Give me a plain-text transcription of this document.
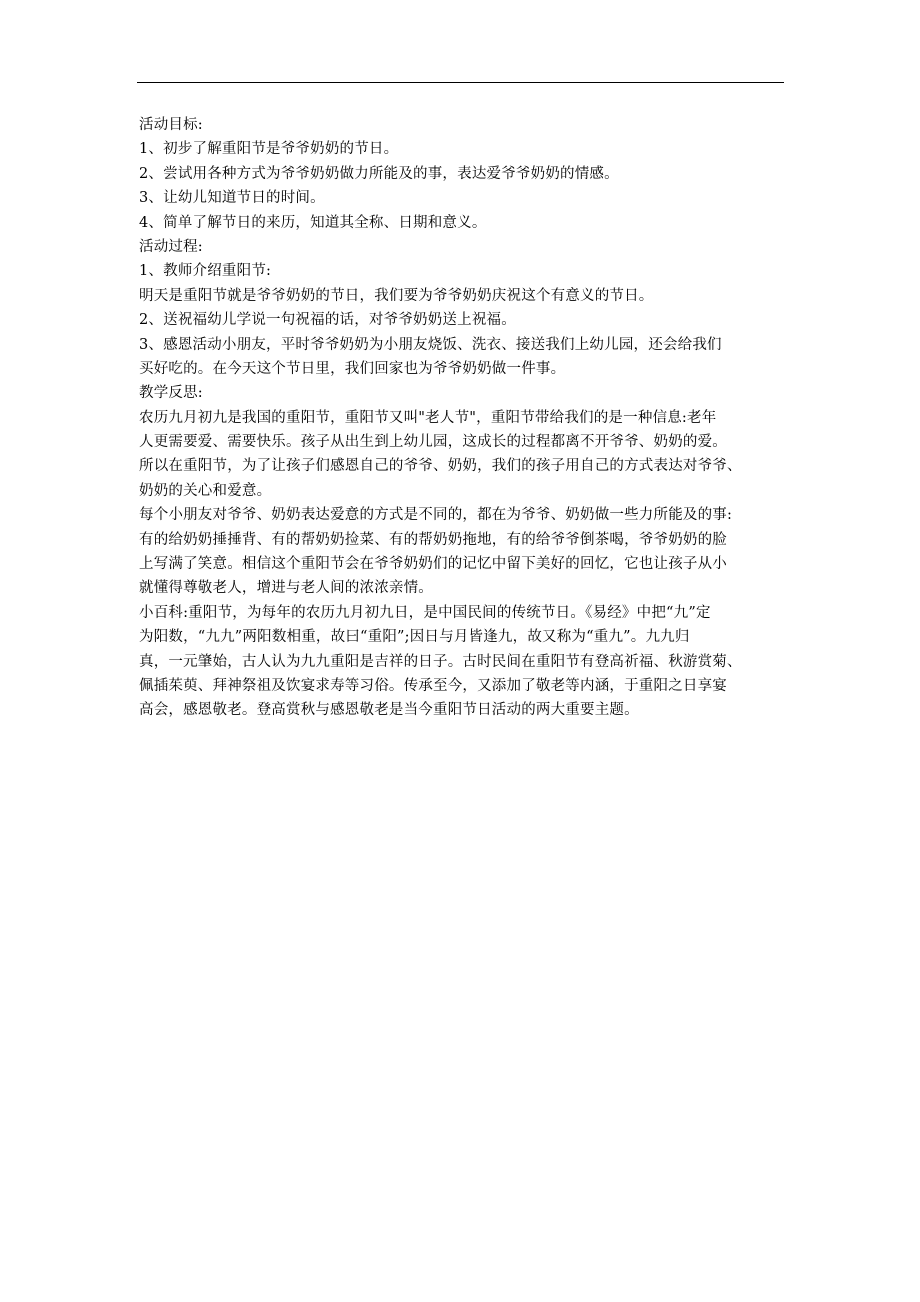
活动目标:
1、初步了解重阳节是爷爷奶奶的节日。
2、尝试用各种方式为爷爷奶奶做力所能及的事，表达爱爷爷奶奶的情感。
3、让幼儿知道节日的时间。
4、简单了解节日的来历，知道其全称、日期和意义。
活动过程:
1、教师介绍重阳节:
明天是重阳节就是爷爷奶奶的节日，我们要为爷爷奶奶庆祝这个有意义的节日。
2、送祝福幼儿学说一句祝福的话，对爷爷奶奶送上祝福。
3、感恩活动小朋友，平时爷爷奶奶为小朋友烧饭、洗衣、接送我们上幼儿园，还会给我们
买好吃的。在今天这个节日里，我们回家也为爷爷奶奶做一件事。
教学反思:
农历九月初九是我国的重阳节，重阳节又叫"老人节"，重阳节带给我们的是一种信息:老年
人更需要爱、需要快乐。孩子从出生到上幼儿园，这成长的过程都离不开爷爷、奶奶的爱。
所以在重阳节，为了让孩子们感恩自己的爷爷、奶奶，我们的孩子用自己的方式表达对爷爷、
奶奶的关心和爱意。
每个小朋友对爷爷、奶奶表达爱意的方式是不同的，都在为爷爷、奶奶做一些力所能及的事:
有的给奶奶捶捶背、有的帮奶奶捡菜、有的帮奶奶拖地，有的给爷爷倒茶喝，爷爷奶奶的脸
上写满了笑意。相信这个重阳节会在爷爷奶奶们的记忆中留下美好的回忆，它也让孩子从小
就懂得尊敬老人，增进与老人间的浓浓亲情。
小百科:重阳节，为每年的农历九月初九日，是中国民间的传统节日。《易经》中把“九”定
为阳数，“九九”两阳数相重，故曰“重阳”;因日与月皆逢九，故又称为“重九”。九九归
真，一元肇始，古人认为九九重阳是吉祥的日子。古时民间在重阳节有登高祈福、秋游赏菊、
佩插茱萸、拜神祭祖及饮宴求寿等习俗。传承至今，又添加了敬老等内涵，于重阳之日享宴
高会，感恩敬老。登高赏秋与感恩敬老是当今重阳节日活动的两大重要主题。
